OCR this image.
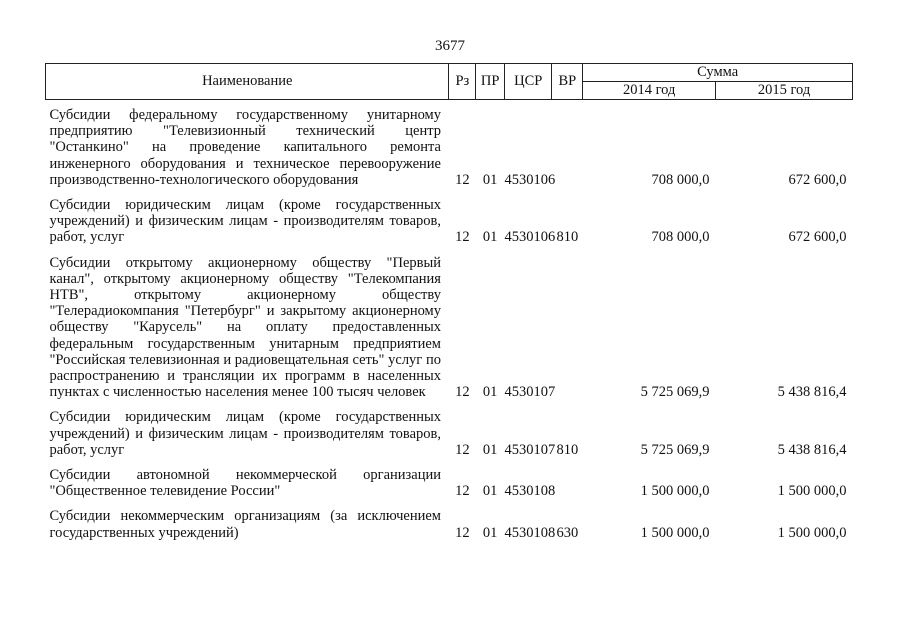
3677
Наименование	Рз	ПР	ЦСР	ВР	Сумма	
					2014 год	2015 год
Субсидии федеральному государственному унитарному предприятию "Телевизионный технический центр "Останкино" на проведение капитального ремонта инженерного оборудования и техническое перевооружение производственно-технологического оборудования	12	01	4530106		708 000,0	672 600,0
Субсидии юридическим лицам (кроме государственных учреждений) и физическим лицам - производителям товаров, работ, услуг	12	01	4530106	810	708 000,0	672 600,0
Субсидии открытому акционерному обществу "Первый канал", открытому акционерному обществу "Телекомпания НТВ", открытому акционерному обществу "Телерадиокомпания "Петербург" и закрытому акционерному обществу "Карусель" на оплату предоставленных федеральным государственным унитарным предприятием "Российская телевизионная и радиовещательная сеть" услуг по распространению и трансляции их программ в населенных пунктах с численностью населения менее 100 тысяч человек	12	01	4530107		5 725 069,9	5 438 816,4
Субсидии юридическим лицам (кроме государственных учреждений) и физическим лицам - производителям товаров, работ, услуг	12	01	4530107	810	5 725 069,9	5 438 816,4
Субсидии автономной некоммерческой организации "Общественное телевидение России"	12	01	4530108		1 500 000,0	1 500 000,0
Субсидии некоммерческим организациям (за исключением государственных учреждений)	12	01	4530108	630	1 500 000,0	1 500 000,0
